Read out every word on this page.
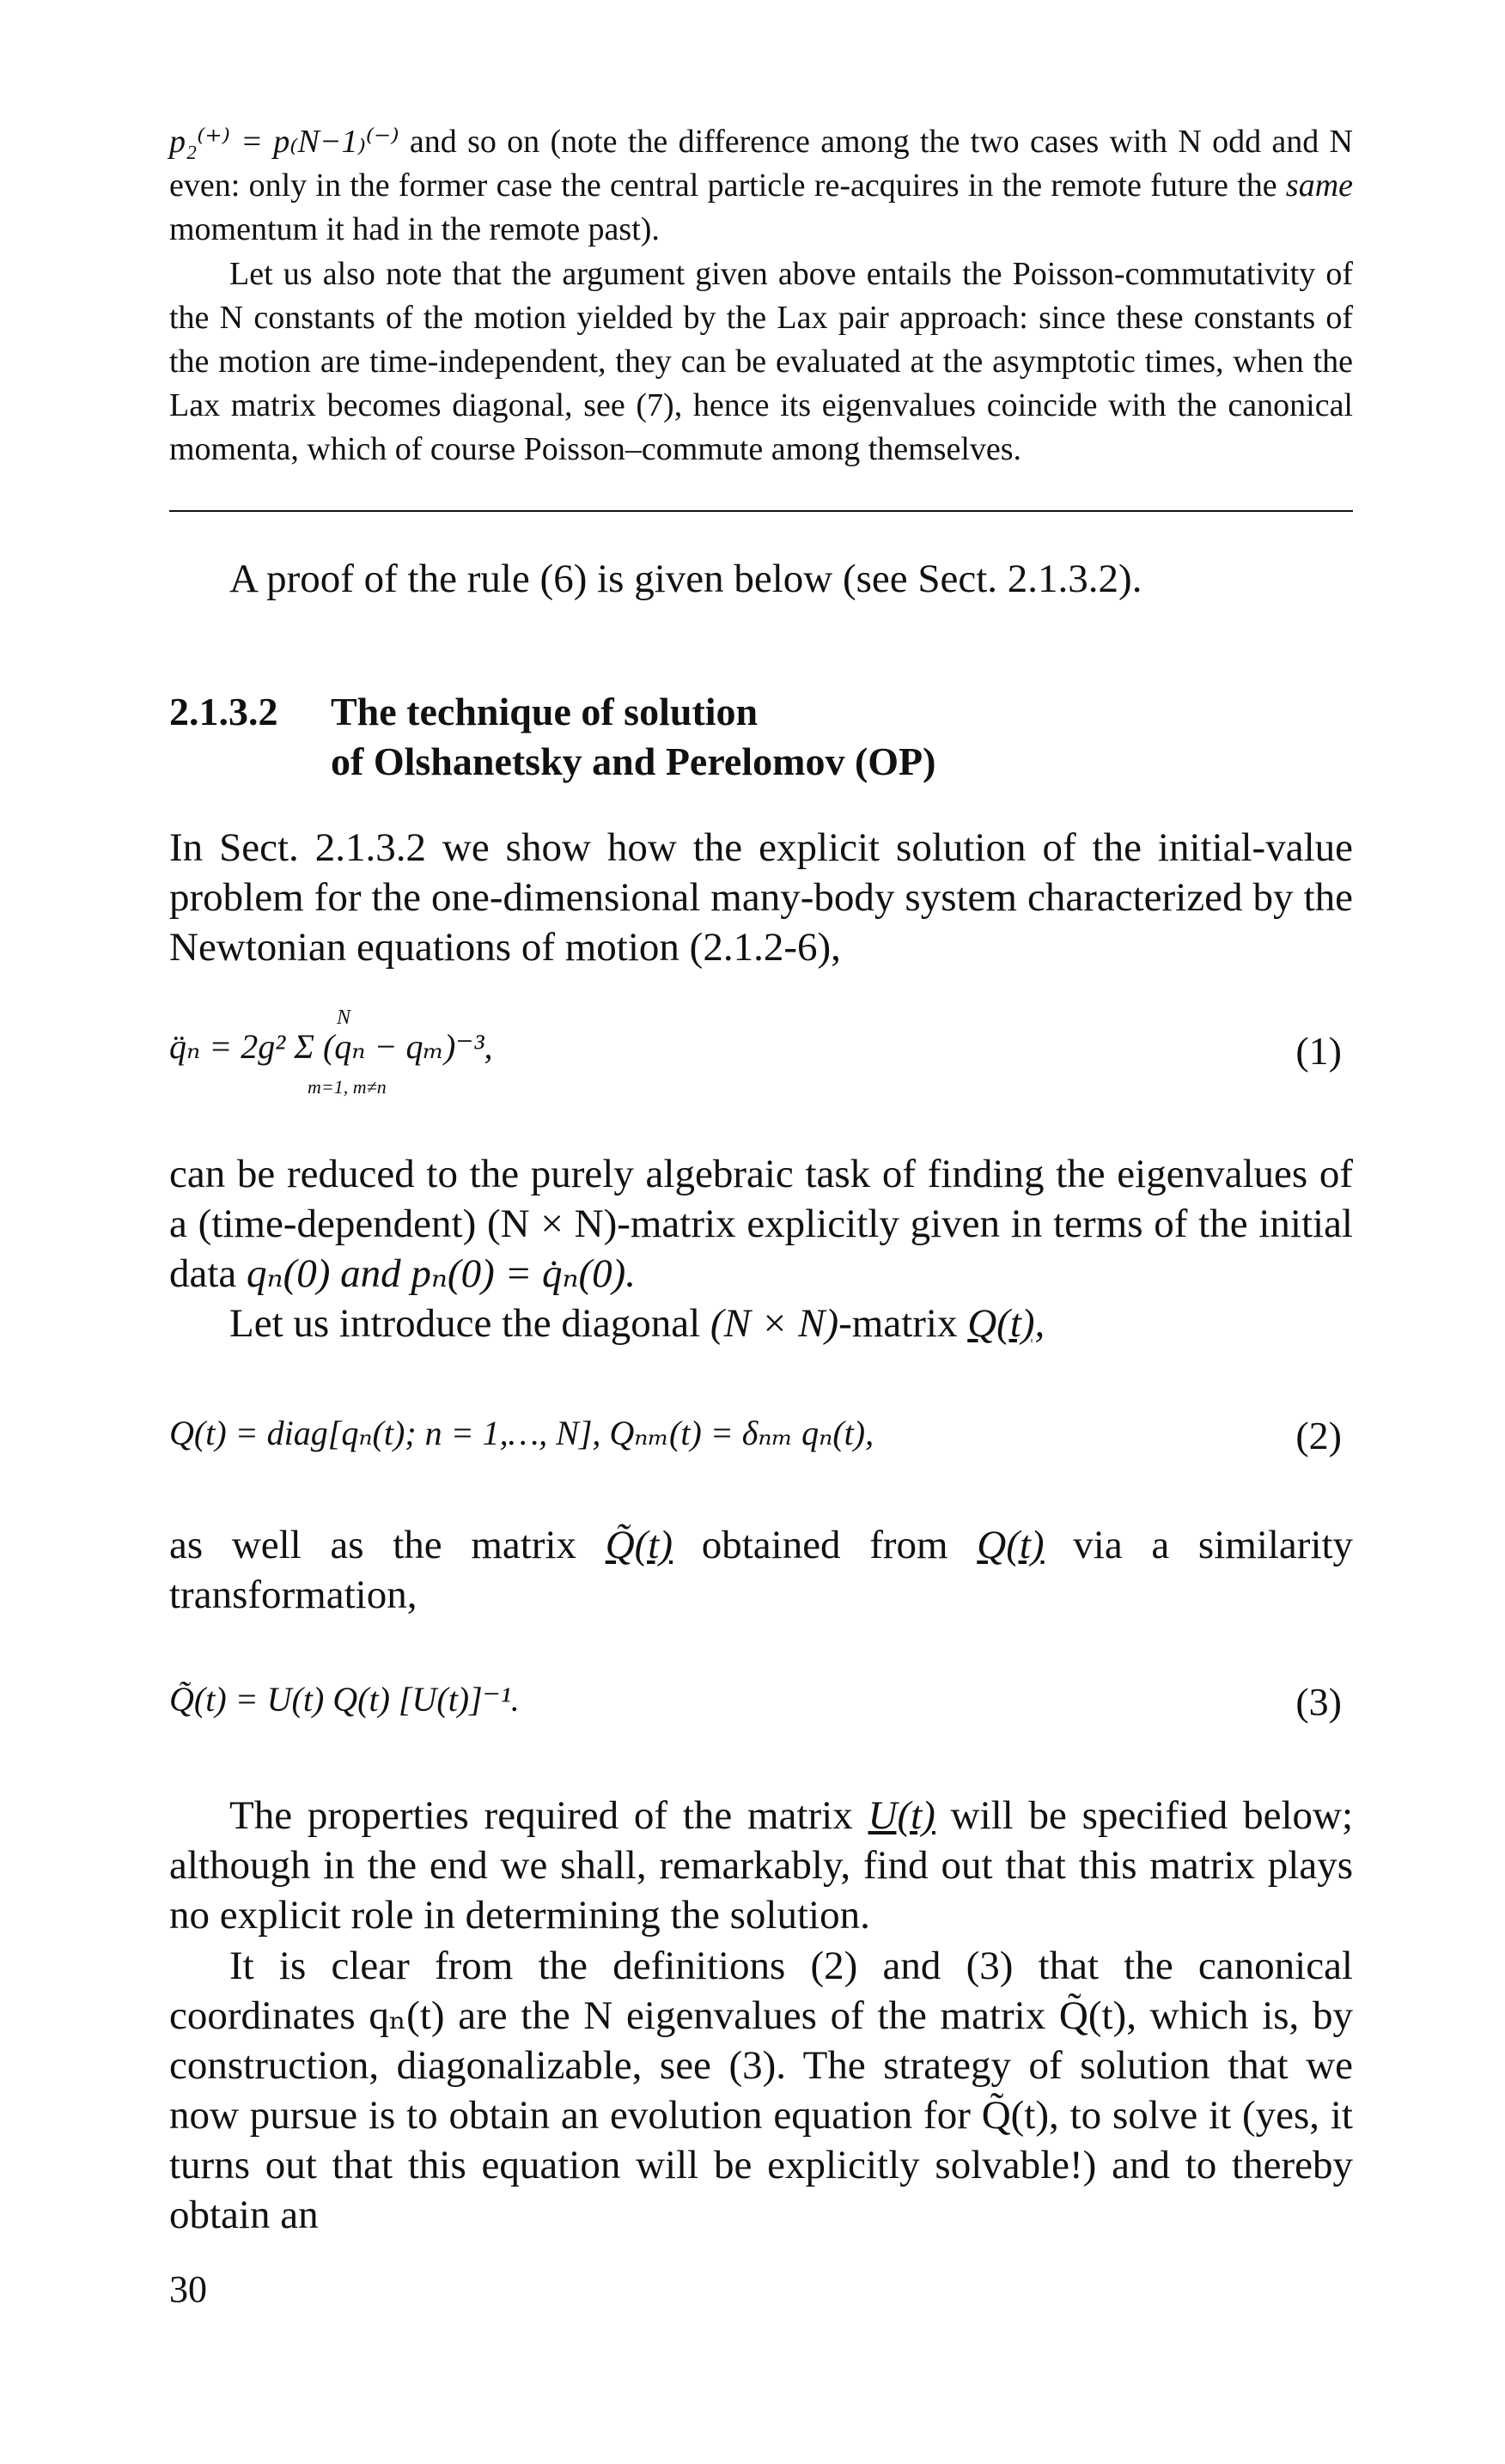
p₂⁽⁺⁾ = p₍N−1₎⁽⁻⁾ and so on (note the difference among the two cases with N odd and N even: only in the former case the central particle re-acquires in the remote future the same momentum it had in the remote past).
Let us also note that the argument given above entails the Poisson-commutativity of the N constants of the motion yielded by the Lax pair approach: since these constants of the motion are time-independent, they can be evaluated at the asymptotic times, when the Lax matrix becomes diagonal, see (7), hence its eigenvalues coincide with the canonical momenta, which of course Poisson–commute among themselves.
A proof of the rule (6) is given below (see Sect. 2.1.3.2).
2.1.3.2 The technique of solution
of Olshanetsky and Perelomov (OP)
In Sect. 2.1.3.2 we show how the explicit solution of the initial-value problem for the one-dimensional many-body system characterized by the Newtonian equations of motion (2.1.2-6),
q̈ₙ = 2g² Σ (qₙ − qₘ)⁻³,
N
m=1, m≠n
(1)
can be reduced to the purely algebraic task of finding the eigenvalues of a (time-dependent) (N × N)-matrix explicitly given in terms of the initial data qₙ(0) and pₙ(0) = q̇ₙ(0).
Let us introduce the diagonal (N × N)-matrix Q(t),
Q(t) = diag[qₙ(t); n = 1,…, N], Qₙₘ(t) = δₙₘ qₙ(t),	(2)
as well as the matrix Q̃(t) obtained from Q(t) via a similarity transformation,
Q̃(t) = U(t) Q(t) [U(t)]⁻¹.	(3)
The properties required of the matrix U(t) will be specified below; although in the end we shall, remarkably, find out that this matrix plays no explicit role in determining the solution.
It is clear from the definitions (2) and (3) that the canonical coordinates qₙ(t) are the N eigenvalues of the matrix Q̃(t), which is, by construction, diagonalizable, see (3). The strategy of solution that we now pursue is to obtain an evolution equation for Q̃(t), to solve it (yes, it turns out that this equation will be explicitly solvable!) and to thereby obtain an
30
